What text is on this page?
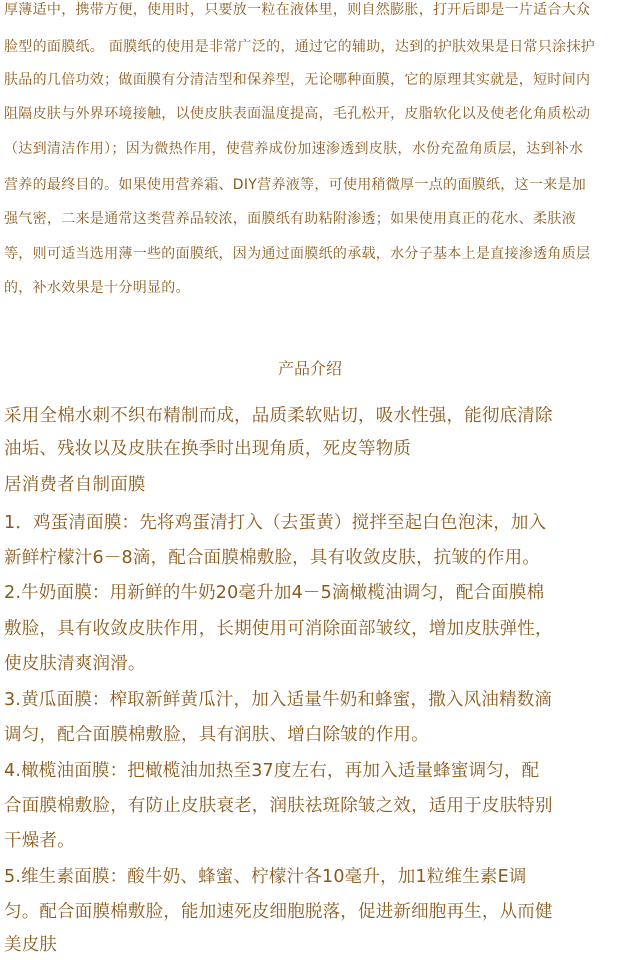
厚薄适中，携带方便，使用时，只要放一粒在液体里，则自然膨胀，打开后即是一片适合大众
脸型的面膜纸。 面膜纸的使用是非常广泛的，通过它的辅助，达到的护肤效果是日常只涂抹护
肤品的几倍功效；做面膜有分清洁型和保养型，无论哪种面膜，它的原理其实就是，短时间内
阻隔皮肤与外界环境接触，以使皮肤表面温度提高，毛孔松开，皮脂软化以及使老化角质松动
（达到清洁作用）；因为微热作用，使营养成份加速渗透到皮肤，水份充盈角质层，达到补水
营养的最终目的。如果使用营养霜、DIY营养液等，可使用稍微厚一点的面膜纸，这一来是加
强气密，二来是通常这类营养品较浓，面膜纸有助粘附渗透；如果使用真正的花水、柔肤液
等，则可适当选用薄一些的面膜纸，因为通过面膜纸的承载，水分子基本上是直接渗透角质层
的，补水效果是十分明显的。
产品介绍
采用全棉水刺不织布精制而成，品质柔软贴切，吸水性强，能彻底清除
油垢、残妆以及皮肤在换季时出现角质，死皮等物质
居消费者自制面膜
1．鸡蛋清面膜：先将鸡蛋清打入（去蛋黄）搅拌至起白色泡沫，加入
新鲜柠檬汁6－8滴，配合面膜棉敷脸，具有收敛皮肤，抗皱的作用。
2.牛奶面膜：用新鲜的牛奶20毫升加4－5滴橄榄油调匀，配合面膜棉
敷脸，具有收敛皮肤作用，长期使用可消除面部皱纹，增加皮肤弹性，
使皮肤清爽润滑。
3.黄瓜面膜：榨取新鲜黄瓜汁，加入适量牛奶和蜂蜜，撒入风油精数滴
调匀，配合面膜棉敷脸，具有润肤、增白除皱的作用。
4.橄榄油面膜：把橄榄油加热至37度左右，再加入适量蜂蜜调匀，配
合面膜棉敷脸，有防止皮肤衰老，润肤祛斑除皱之效，适用于皮肤特别
干燥者。
5.维生素面膜：酸牛奶、蜂蜜、柠檬汁各10毫升，加1粒维生素E调
匀。配合面膜棉敷脸，能加速死皮细胞脱落，促进新细胞再生，从而健
美皮肤
